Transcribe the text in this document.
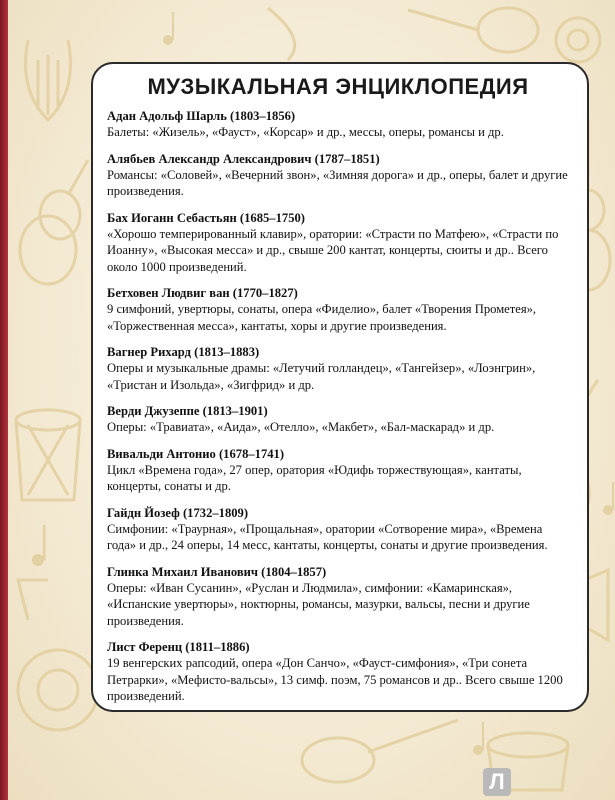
МУЗЫКАЛЬНАЯ ЭНЦИКЛОПЕДИЯ
Адан Адольф Шарль (1803–1856)
Балеты: «Жизель», «Фауст», «Корсар» и др., мессы, оперы, романсы и др.
Алябьев Александр Александрович (1787–1851)
Романсы: «Соловей», «Вечерний звон», «Зимняя дорога» и др., оперы, балет и другие произведения.
Бах Иоганн Себастьян (1685–1750)
«Хорошо темперированный клавир», оратории: «Страсти по Матфею», «Страсти по Иоанну», «Высокая месса» и др., свыше 200 кантат, концерты, сюиты и др.. Всего около 1000 произведений.
Бетховен Людвиг ван (1770–1827)
9 симфоний, увертюры, сонаты, опера «Фиделио», балет «Творения Прометея», «Торжественная месса», кантаты, хоры и другие произведения.
Вагнер Рихард (1813–1883)
Оперы и музыкальные драмы: «Летучий голландец», «Тангейзер», «Лоэнгрин», «Тристан и Изольда», «Зигфрид» и др.
Верди Джузеппе (1813–1901)
Оперы: «Травиата», «Аида», «Отелло», «Макбет», «Бал-маскарад» и др.
Вивальди Антонио (1678–1741)
Цикл «Времена года», 27 опер, оратория «Юдифь торжествующая», кантаты, концерты, сонаты и др.
Гайдн Йозеф (1732–1809)
Симфонии: «Траурная», «Прощальная», оратории «Сотворение мира», «Времена года» и др., 24 оперы, 14 месс, кантаты, концерты, сонаты и другие произведения.
Глинка Михаил Иванович (1804–1857)
Оперы: «Иван Сусанин», «Руслан и Людмила», симфонии: «Камаринская», «Испанские увертюры», ноктюрны, романсы, мазурки, вальсы, песни и другие произведения.
Лист Ференц (1811–1886)
19 венгерских рапсодий, опера «Дон Санчо», «Фауст-симфония», «Три сонета Петрарки», «Мефисто-вальсы», 13 симф. поэм, 75 романсов и др.. Всего свыше 1200 произведений.
Л
